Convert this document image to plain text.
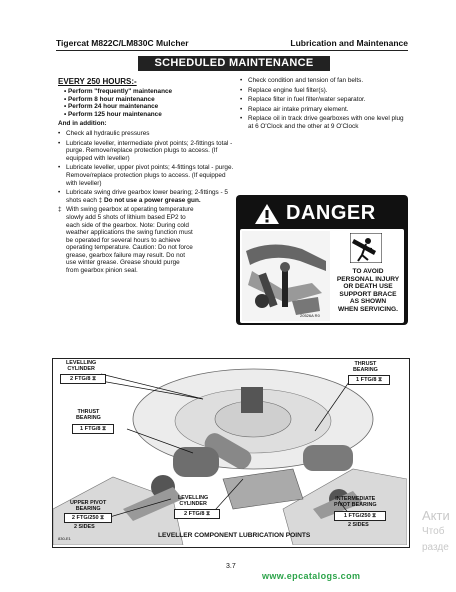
Tigercat M822C/LM830C Mulcher	Lubrication and Maintenance
SCHEDULED MAINTENANCE
EVERY 250 HOURS:-
• Perform "frequently" maintenance
• Perform 8 hour maintenance
• Perform 24 hour maintenance
• Perform 125 hour maintenance
And in addition:
• Check all hydraulic pressures
• Lubricate leveller, intermediate pivot points; 2-fittings total - purge. Remove/replace protection plugs to access. (If equipped with leveller)
• Lubricate leveller, upper pivot points; 4-fittings total - purge. Remove/replace protection plugs to access. (If equipped with leveller)
• Lubricate swing drive gearbox lower bearing; 2-fittings - 5 shots each ‡ Do not use a power grease gun.
‡ With swing gearbox at operating temperature
slowly add 5 shots of lithium based EP2 to
each side of the gearbox. Note: During cold
weather applications the swing function must
be operated for several hours to achieve
operating temperature. Caution: Do not force
grease, gearbox failure may result. Do not
use winter grease. Grease should purge
from gearbox pinion seal.
• Check condition and tension of fan belts.
• Replace engine fuel filter(s).
• Replace filter in fuel filter/water separator.
• Replace air intake primary element.
• Replace oil in track drive gearboxes with one level plug at 6 O'Clock and the other at 9 O'Clock
DANGER
20526A R0
TO AVOID
PERSONAL INJURY
OR DEATH USE
SUPPORT BRACE
AS SHOWN
WHEN SERVICING.
LEVELLING
CYLINDER
2 FTG/8 ⧖
THRUST
BEARING
1 FTG/8 ⧖
THRUST
BEARING
1 FTG/8 ⧖
UPPER PIVOT
BEARING
2 FTG/250 ⧖
2 SIDES
LEVELLING
CYLINDER
2 FTG/8 ⧖
INTERMEDIATE
PIVOT BEARING
1 FTG/250 ⧖
2 SIDES
830-E1	LEVELLER COMPONENT LUBRICATION POINTS
3.7
www.epcatalogs.com
Акти
Чтоб
разде
